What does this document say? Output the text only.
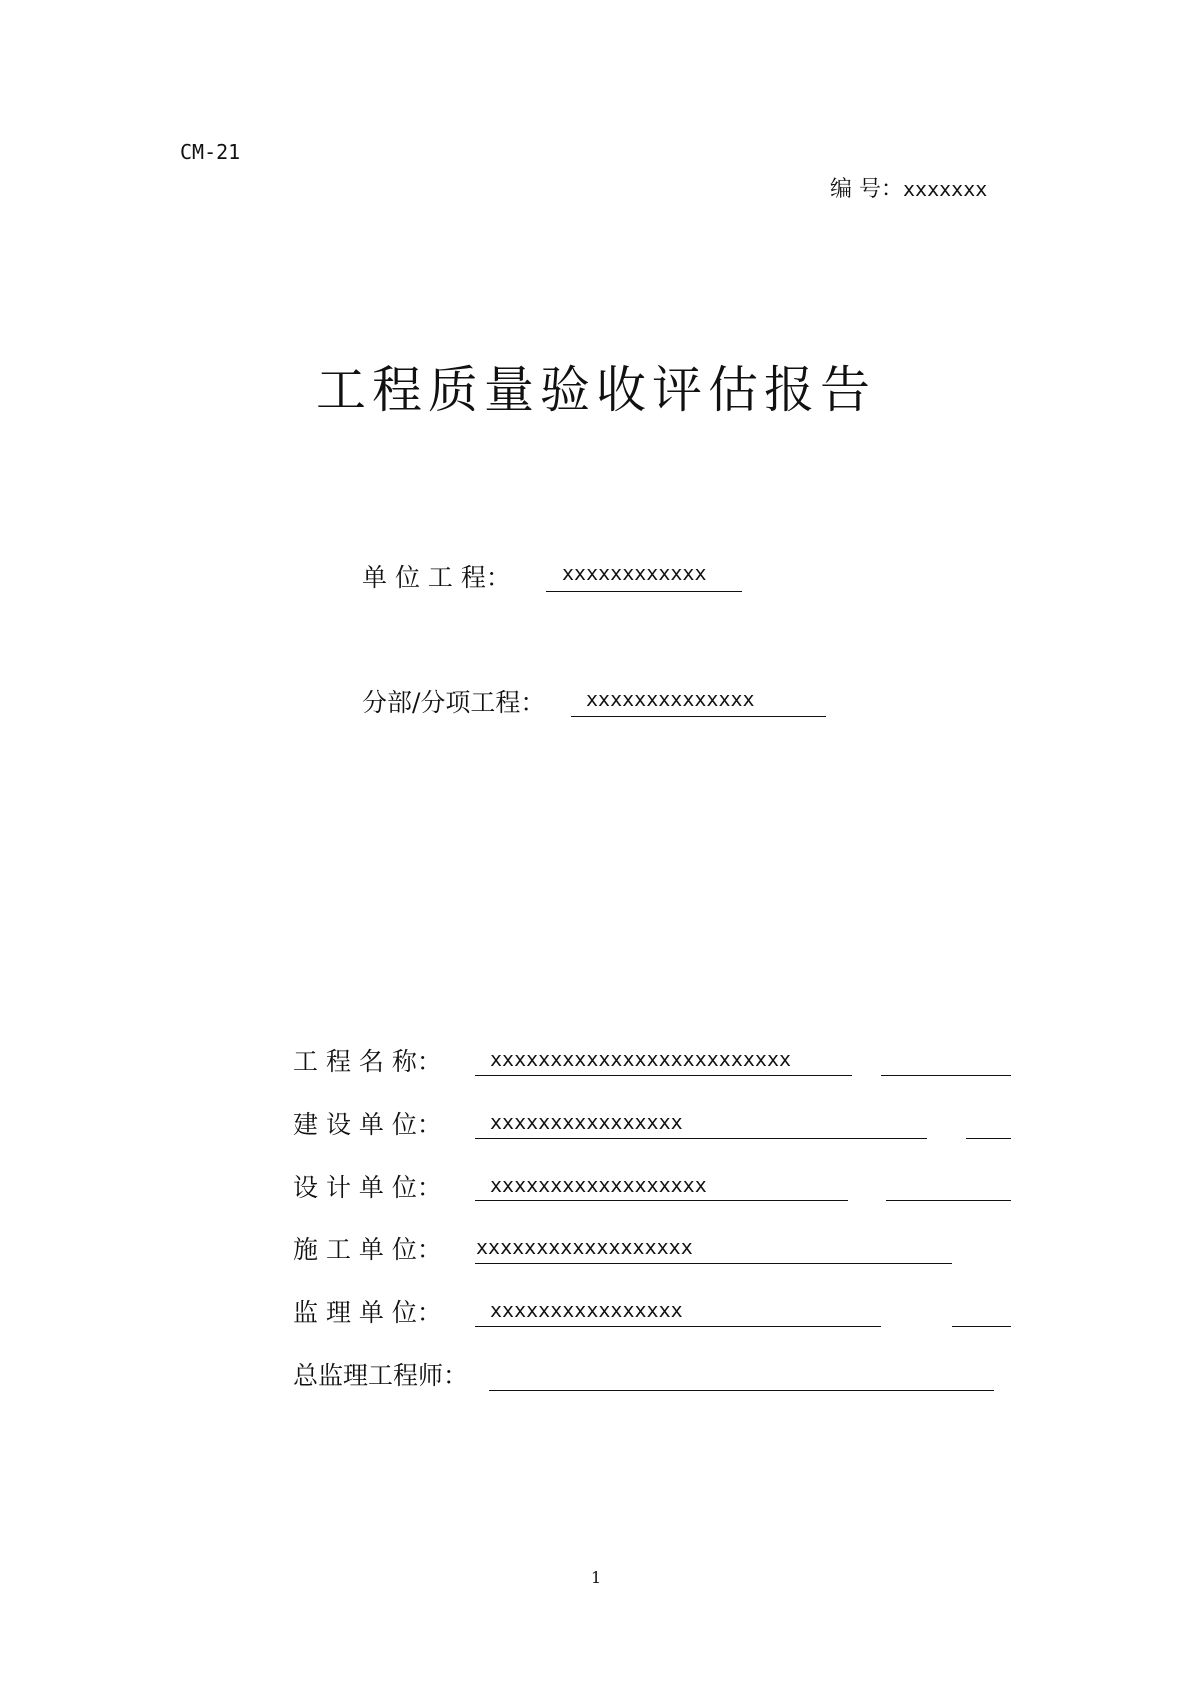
CM-21
编 号：xxxxxxx
工程质量验收评估报告
单 位 工 程：	xxxxxxxxxxxx
分部/分项工程： xxxxxxxxxxxxxx
工 程 名 称： xxxxxxxxxxxxxxxxxxxxxxxxx
建 设 单 位： xxxxxxxxxxxxxxxx
设 计 单 位： xxxxxxxxxxxxxxxxxx
施 工 单 位： xxxxxxxxxxxxxxxxxx
监 理 单 位： xxxxxxxxxxxxxxxx
总监理工程师：
1
